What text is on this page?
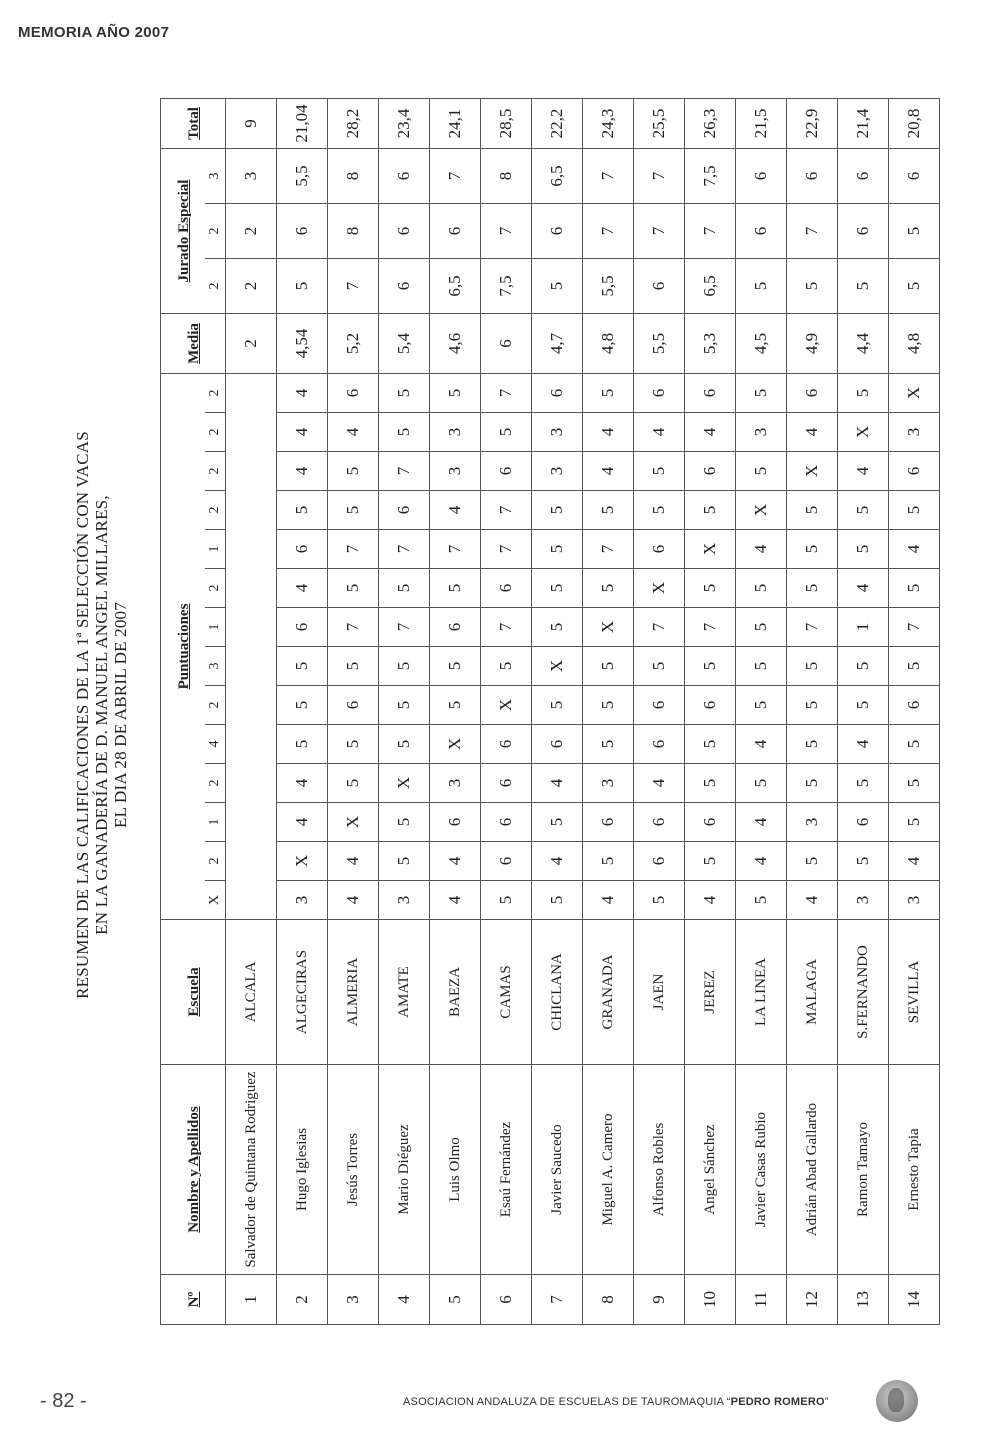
MEMORIA AÑO 2007
RESUMEN DE LAS CALIFICACIONES DE LA 1ª SELECCIÓN CON VACAS EN LA GANADERÍA DE D. MANUEL ANGEL MILLARES, EL DIA 28 DE ABRIL DE 2007
Nº	Nombre y Apellidos	Escuela	Puntuaciones														Media	Jurado Especial			Total
			X	2	1	2	4	2	3	1	2	1	2	2	2	2		2	2	3	
1	Salvador de Quintana Rodriguez	ALCALA															2	2	2	3	9
2	Hugo Iglesias	ALGECIRAS	3	X	4	4	5	5	5	6	4	6	5	4	4	4	4,54	5	6	5,5	21,04
3	Jesús Torres	ALMERIA	4	4	X	5	5	6	5	7	5	7	5	5	4	6	5,2	7	8	8	28,2
4	Mario Diéguez	AMATE	3	5	5	X	5	5	5	7	5	7	6	7	5	5	5,4	6	6	6	23,4
5	Luis Olmo	BAEZA	4	4	6	3	X	5	5	6	5	7	4	3	3	5	4,6	6,5	6	7	24,1
6	Esaú Fernández	CAMAS	5	6	6	6	6	X	5	7	6	7	7	6	5	7	6	7,5	7	8	28,5
7	Javier Saucedo	CHICLANA	5	4	5	4	6	5	X	5	5	5	5	3	3	6	4,7	5	6	6,5	22,2
8	Miguel A. Camero	GRANADA	4	5	6	3	5	5	5	X	5	7	5	4	4	5	4,8	5,5	7	7	24,3
9	Alfonso Robles	JAEN	5	6	6	4	6	6	5	7	X	6	5	5	4	6	5,5	6	7	7	25,5
10	Angel Sánchez	JEREZ	4	5	6	5	5	6	5	7	5	X	5	6	4	6	5,3	6,5	7	7,5	26,3
11	Javier Casas Rubio	LA LINEA	5	4	4	5	4	5	5	5	5	4	X	5	3	5	4,5	5	6	6	21,5
12	Adrián Abad Gallardo	MALAGA	4	5	3	5	5	5	5	7	5	5	5	X	4	6	4,9	5	7	6	22,9
13	Ramon Tamayo	S.FERNANDO	3	5	6	5	4	5	5	1	4	5	5	4	X	5	4,4	5	6	6	21,4
14	Ernesto Tapia	SEVILLA	3	4	5	5	5	6	5	7	5	4	5	6	3	X	4,8	5	5	6	20,8
- 82 -	ASOCIACION ANDALUZA DE ESCUELAS DE TAUROMAQUIA “PEDRO ROMERO”
